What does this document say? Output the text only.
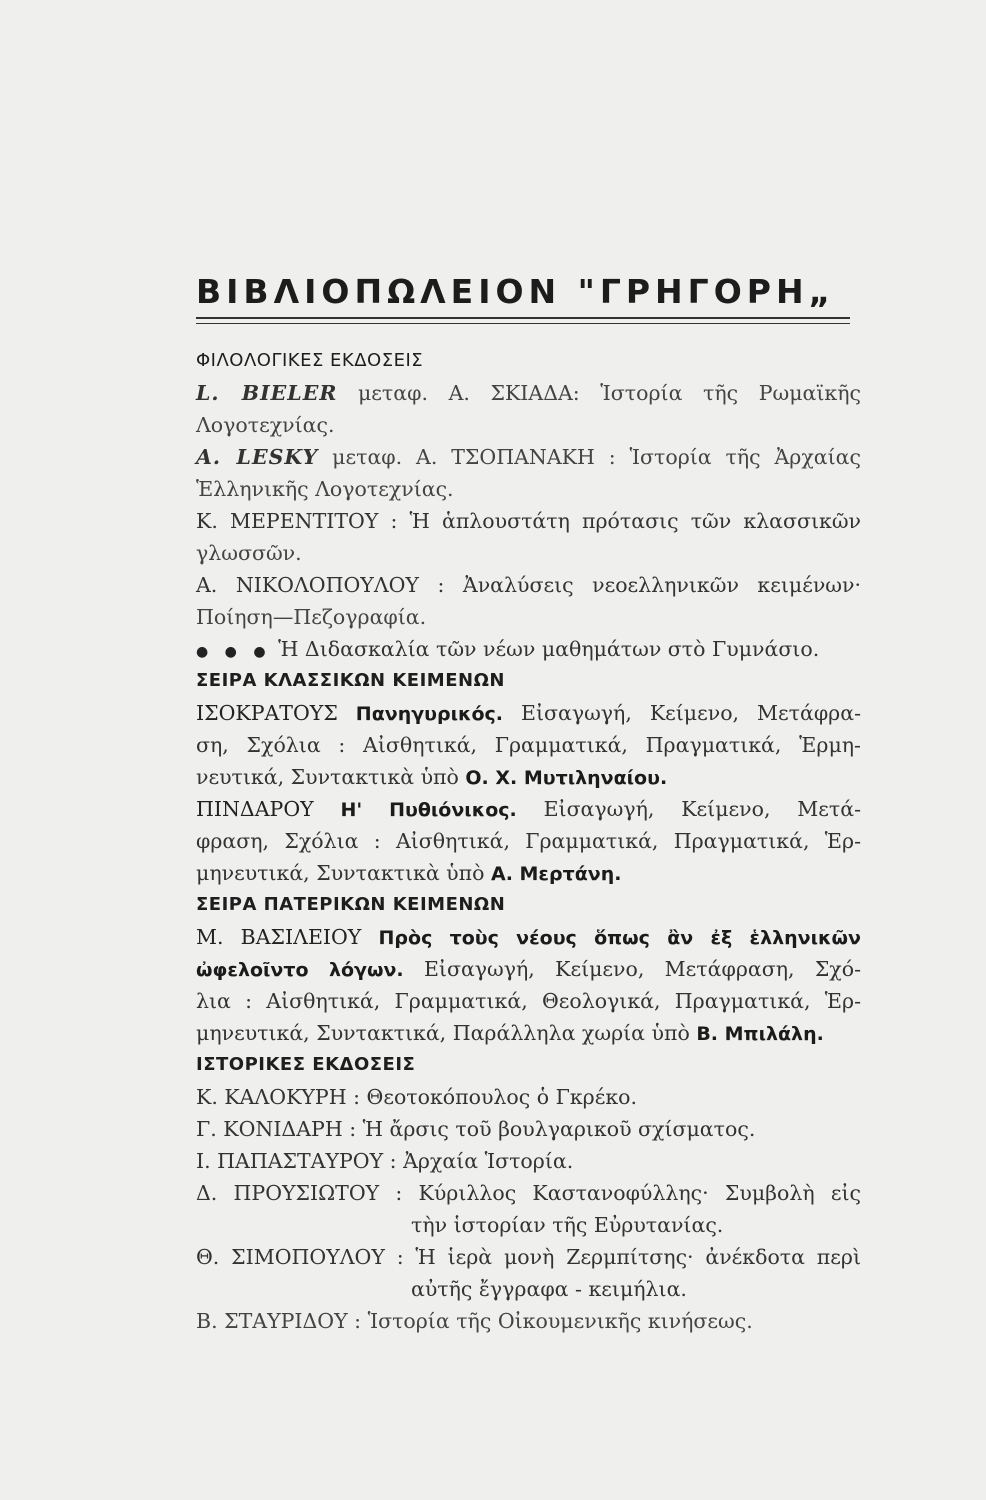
ΒΙΒΛΙΟΠΩΛΕΙΟΝ "ΓΡΗΓΟΡΗ„
ΦΙΛΟΛΟΓΙΚΕΣ ΕΚΔΟΣΕΙΣ
L. BIELER μεταφ. Α. ΣΚΙΑΔΑ: Ἱστορία τῆς Ρωμαϊκῆς
Λογοτεχνίας.
A. LESKY μεταφ. Α. ΤΣΟΠΑΝΑΚΗ : Ἱστορία τῆς Ἀρχαίας
Ἑλληνικῆς Λογοτεχνίας.
Κ. ΜΕΡΕΝΤΙΤΟΥ : Ἡ ἁπλουστάτη πρότασις τῶν κλασσικῶν
γλωσσῶν.
Α. ΝΙΚΟΛΟΠΟΥΛΟΥ : Ἀναλύσεις νεοελληνικῶν κειμένων·
Ποίηση—Πεζογραφία.
● ● ● Ἡ Διδασκαλία τῶν νέων μαθημάτων στὸ Γυμνάσιο.
ΣΕΙΡΑ ΚΛΑΣΣΙΚΩΝ ΚΕΙΜΕΝΩΝ
ΙΣΟΚΡΑΤΟΥΣ Πανηγυρικός. Εἰσαγωγή, Κείμενο, Μετάφρα-
ση, Σχόλια : Αἰσθητικά, Γραμματικά, Πραγματικά, Ἑρμη-
νευτικά, Συντακτικὰ ὑπὸ Ο. Χ. Μυτιληναίου.
ΠΙΝΔΑΡΟΥ Η' Πυθιόνικος. Εἰσαγωγή, Κείμενο, Μετά-
φραση, Σχόλια : Αἰσθητικά, Γραμματικά, Πραγματικά, Ἑρ-
μηνευτικά, Συντακτικὰ ὑπὸ Α. Μερτάνη.
ΣΕΙΡΑ ΠΑΤΕΡΙΚΩΝ ΚΕΙΜΕΝΩΝ
Μ. ΒΑΣΙΛΕΙΟΥ Πρὸς τοὺς νέους ὅπως ἂν ἐξ ἑλληνικῶν
ὠφελοῖντο λόγων. Εἰσαγωγή, Κείμενο, Μετάφραση, Σχό-
λια : Αἰσθητικά, Γραμματικά, Θεολογικά, Πραγματικά, Ἑρ-
μηνευτικά, Συντακτικά, Παράλληλα χωρία ὑπὸ Β. Μπιλάλη.
ΙΣΤΟΡΙΚΕΣ ΕΚΔΟΣΕΙΣ
Κ. ΚΑΛΟΚΥΡΗ : Θεοτοκόπουλος ὁ Γκρέκο.
Γ. ΚΟΝΙΔΑΡΗ : Ἡ ἄρσις τοῦ βουλγαρικοῦ σχίσματος.
Ι. ΠΑΠΑΣΤΑΥΡΟΥ : Ἀρχαία Ἱστορία.
Δ. ΠΡΟΥΣΙΩΤΟΥ : Κύριλλος Καστανοφύλλης· Συμβολὴ εἰς
τὴν ἱστορίαν τῆς Εὐρυτανίας.
Θ. ΣΙΜΟΠΟΥΛΟΥ : Ἡ ἱερὰ μονὴ Ζερμπίτσης· ἀνέκδοτα περὶ
αὐτῆς ἔγγραφα - κειμήλια.
Β. ΣΤΑΥΡΙΔΟΥ : Ἱστορία τῆς Οἰκουμενικῆς κινήσεως.
